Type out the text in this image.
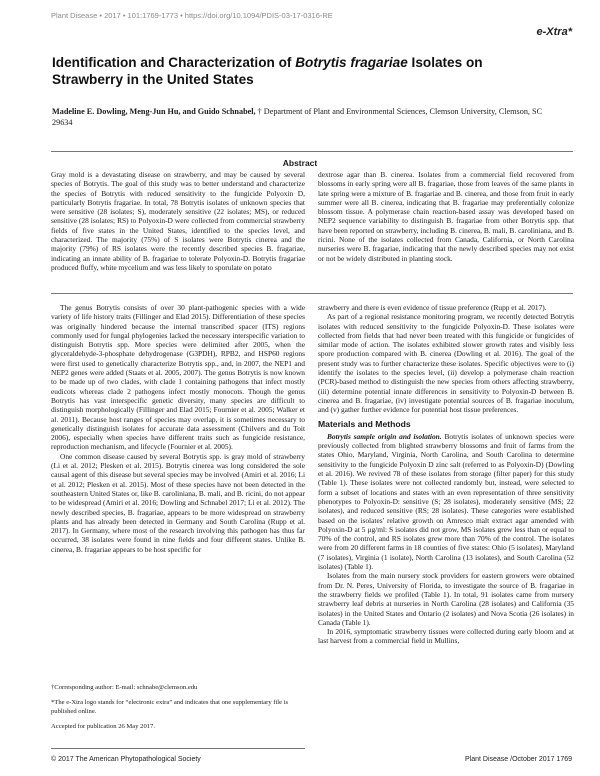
Plant Disease • 2017 • 101:1769-1773 • https://doi.org/10.1094/PDIS-03-17-0316-RE
e-Xtra*
Identification and Characterization of Botrytis fragariae Isolates on Strawberry in the United States
Madeline E. Dowling, Meng-Jun Hu, and Guido Schnabel, † Department of Plant and Environmental Sciences, Clemson University, Clemson, SC 29634
Abstract

Gray mold is a devastating disease on strawberry, and may be caused by several species of Botrytis. The goal of this study was to better understand and characterize the species of Botrytis with reduced sensitivity to the fungicide Polyoxin D, particularly Botrytis fragariae. In total, 78 Botrytis isolates of unknown species that were sensitive (28 isolates; S), moderately sensitive (22 isolates; MS), or reduced sensitive (28 isolates; RS) to Polyoxin-D were collected from commercial strawberry fields of five states in the United States, identified to the species level, and characterized. The majority (75%) of S isolates were Botrytis cinerea and the majority (79%) of RS isolates were the recently described species B. fragariae, indicating an innate ability of B. fragariae to tolerate Polyoxin-D. Botrytis fragariae produced fluffy, white mycelium and was less likely to sporulate on potato

dextrose agar than B. cinerea. Isolates from a commercial field recovered from blossoms in early spring were all B. fragariae, those from leaves of the same plants in late spring were a mixture of B. fragariae and B. cinerea, and those from fruit in early summer were all B. cinerea, indicating that B. fragariae may preferentially colonize blossom tissue. A polymerase chain reaction-based assay was developed based on NEP2 sequence variability to distinguish B. fragariae from other Botrytis spp. that have been reported on strawberry, including B. cinerea, B. mali, B. caroliniana, and B. ricini. None of the isolates collected from Canada, California, or North Carolina nurseries were B. fragariae, indicating that the newly described species may not exist or not be widely distributed in planting stock.

The genus Botrytis consists of over 30 plant-pathogenic species with a wide variety of life history traits (Fillinger and Elad 2015). Differentiation of these species was originally hindered because the internal transcribed spacer (ITS) regions commonly used for fungal phylogenies lacked the necessary interspecific variation to distinguish Botrytis spp. More species were delimited after 2005, when the glyceraldehyde-3-phosphate dehydrogenase (G3PDH), RPB2, and HSP60 regions were first used to genetically characterize Botrytis spp., and, in 2007, the NEP1 and NEP2 genes were added (Staats et al. 2005, 2007). The genus Botrytis is now known to be made up of two clades, with clade 1 containing pathogens that infect mostly eudicots whereas clade 2 pathogens infect mostly monocots. Though the genus Botrytis has vast interspecific genetic diversity, many species are difficult to distinguish morphologically (Fillinger and Elad 2015; Fournier et al. 2005; Walker et al. 2011). Because host ranges of species may overlap, it is sometimes necessary to genetically distinguish isolates for accurate data assessment (Chilvers and du Toit 2006), especially when species have different traits such as fungicide resistance, reproduction mechanism, and lifecycle (Fournier et al. 2005).

One common disease caused by several Botrytis spp. is gray mold of strawberry (Li et al. 2012; Plesken et al. 2015). Botrytis cinerea was long considered the sole causal agent of this disease but several species may be involved (Amiri et al. 2016; Li et al. 2012; Plesken et al. 2015). Most of these species have not been detected in the southeastern United States or, like B. caroliniana, B. mali, and B. ricini, do not appear to be widespread (Amiri et al. 2016; Dowling and Schnabel 2017; Li et al. 2012). The newly described species, B. fragariae, appears to be more widespread on strawberry plants and has already been detected in Germany and South Carolina (Rupp et al. 2017). In Germany, where most of the research involving this pathogen has thus far occurred, 38 isolates were found in nine fields and four different states. Unlike B. cinerea, B. fragariae appears to be host specific for

†Corresponding author: E-mail: schnabe@clemson.edu
*The e-Xtra logo stands for “electronic extra” and indicates that one supplementary file is published online.
Accepted for publication 26 May 2017.

strawberry and there is even evidence of tissue preference (Rupp et al. 2017).

As part of a regional resistance monitoring program, we recently detected Botrytis isolates with reduced sensitivity to the fungicide Polyoxin-D. These isolates were collected from fields that had never been treated with this fungicide or fungicides of similar mode of action. The isolates exhibited slower growth rates and visibly less spore production compared with B. cinerea (Dowling et al. 2016). The goal of the present study was to further characterize these isolates. Specific objectives were to (i) identify the isolates to the species level, (ii) develop a polymerase chain reaction (PCR)-based method to distinguish the new species from others affecting strawberry, (iii) determine potential innate differences in sensitivity to Polyoxin-D between B. cinerea and B. fragariae, (iv) investigate potential sources of B. fragariae inoculum, and (v) gather further evidence for potential host tissue preferences.

Materials and Methods

Botrytis sample origin and isolation. Botrytis isolates of unknown species were previously collected from blighted strawberry blossoms and fruit of farms from the states Ohio, Maryland, Virginia, North Carolina, and South Carolina to determine sensitivity to the fungicide Polyoxin D zinc salt (referred to as Polyoxin-D) (Dowling et al. 2016). We revived 78 of these isolates from storage (filter paper) for this study (Table 1). These isolates were not collected randomly but, instead, were selected to form a subset of locations and states with an even representation of three sensitivity phenotypes to Polyoxin-D: sensitive (S; 28 isolates), moderately sensitive (MS; 22 isolates), and reduced sensitive (RS; 28 isolates). These categories were established based on the isolates' relative growth on Amresco malt extract agar amended with Polyoxin-D at 5 μg/ml: S isolates did not grow, MS isolates grew less than or equal to 70% of the control, and RS isolates grew more than 70% of the control. The isolates were from 20 different farms in 18 counties of five states: Ohio (5 isolates), Maryland (7 isolates), Virginia (1 isolate), North Carolina (13 isolates), and South Carolina (52 isolates) (Table 1).

Isolates from the main nursery stock providers for eastern growers were obtained from Dr. N. Peres, University of Florida, to investigate the source of B. fragariae in the strawberry fields we profiled (Table 1). In total, 91 isolates came from nursery strawberry leaf debris at nurseries in North Carolina (28 isolates) and California (35 isolates) in the United States and Ontario (2 isolates) and Nova Scotia (26 isolates) in Canada (Table 1).

In 2016, symptomatic strawberry tissues were collected during early bloom and at last harvest from a commercial field in Mullins,

© 2017 The American Phytopathological Society	Plant Disease /October 2017 1769
